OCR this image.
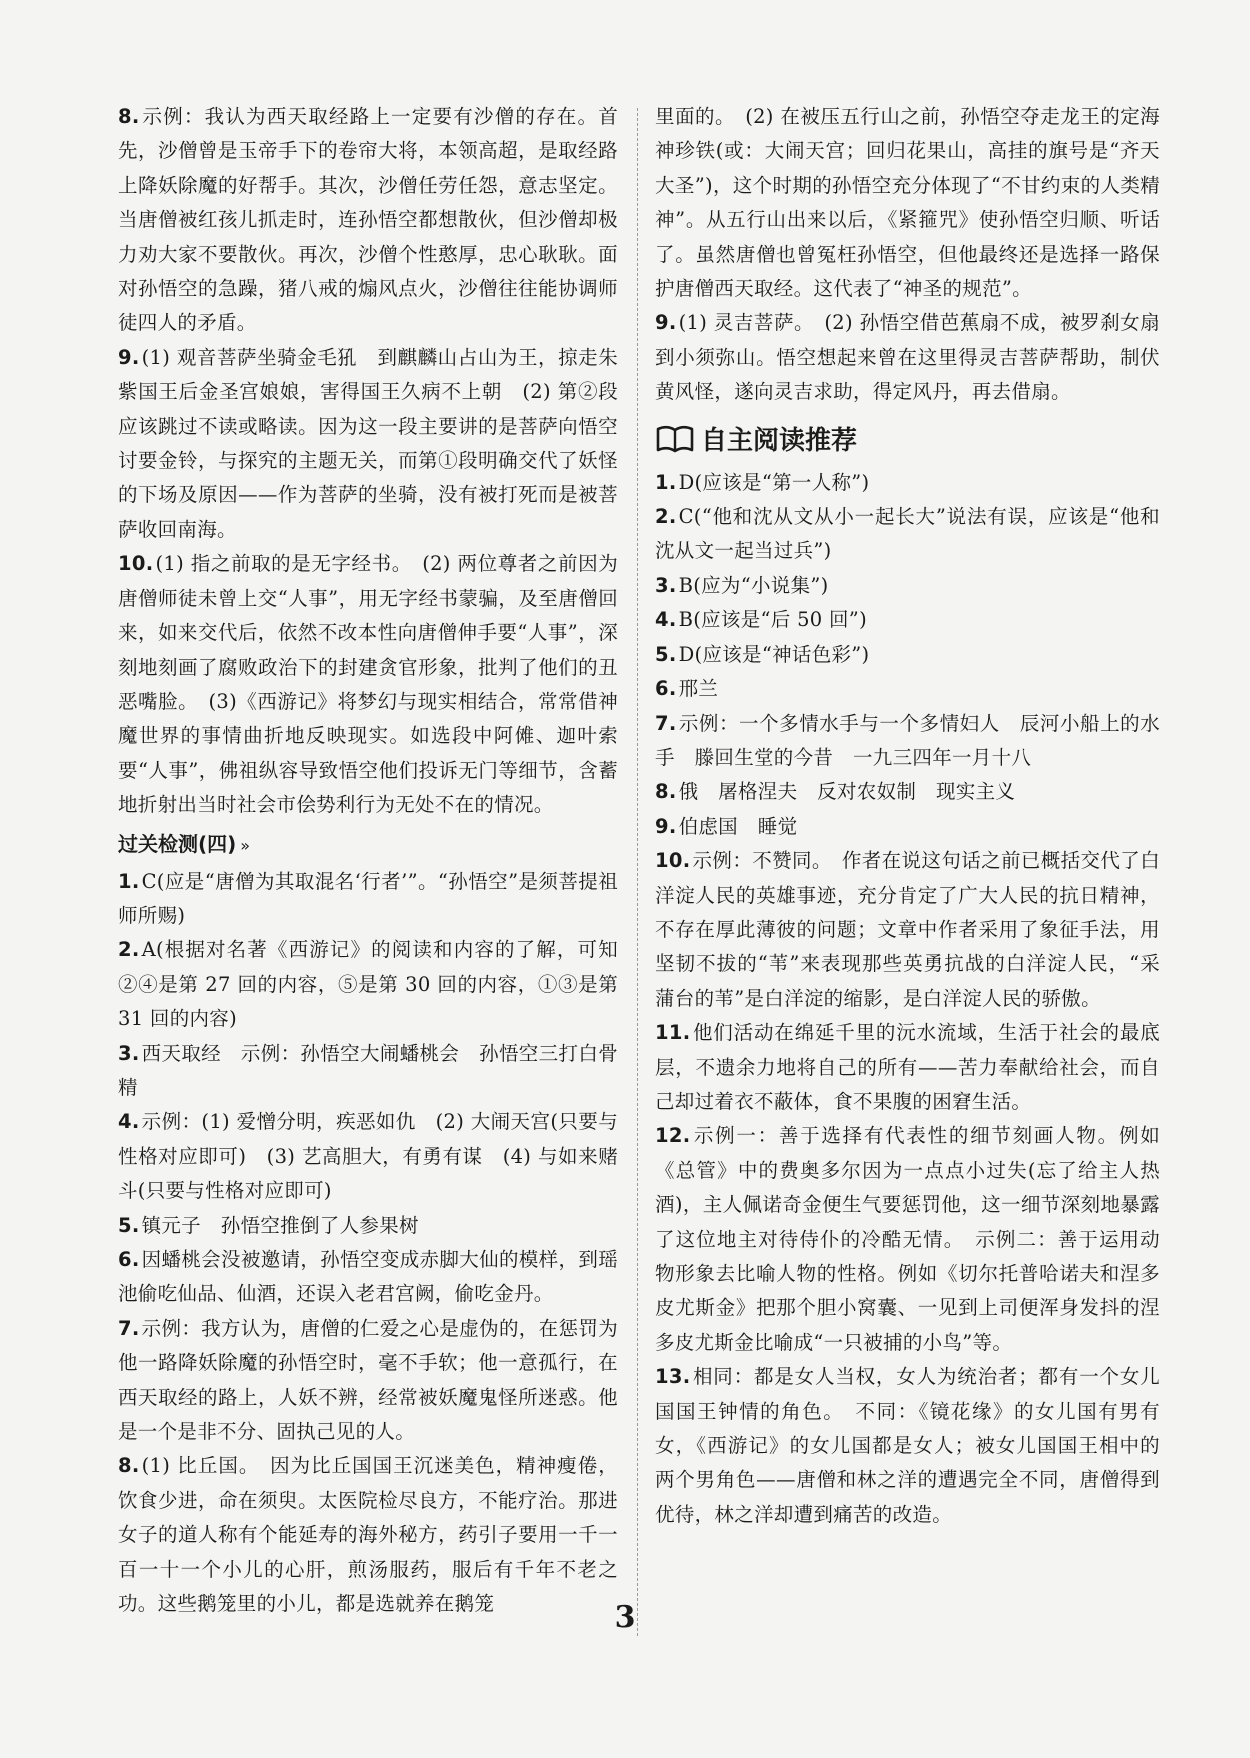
8. 示例：我认为西天取经路上一定要有沙僧的存在。首先，沙僧曾是玉帝手下的卷帘大将，本领高超，是取经路上降妖除魔的好帮手。其次，沙僧任劳任怨，意志坚定。当唐僧被红孩儿抓走时，连孙悟空都想散伙，但沙僧却极力劝大家不要散伙。再次，沙僧个性憨厚，忠心耿耿。面对孙悟空的急躁，猪八戒的煽风点火，沙僧往往能协调师徒四人的矛盾。

9. (1) 观音菩萨坐骑金毛犼　到麒麟山占山为王，掠走朱紫国王后金圣宫娘娘，害得国王久病不上朝　(2) 第②段应该跳过不读或略读。因为这一段主要讲的是菩萨向悟空讨要金铃，与探究的主题无关，而第①段明确交代了妖怪的下场及原因——作为菩萨的坐骑，没有被打死而是被菩萨收回南海。

10. (1) 指之前取的是无字经书。　(2) 两位尊者之前因为唐僧师徒未曾上交“人事”，用无字经书蒙骗，及至唐僧回来，如来交代后，依然不改本性向唐僧伸手要“人事”，深刻地刻画了腐败政治下的封建贪官形象，批判了他们的丑恶嘴脸。　(3)《西游记》将梦幻与现实相结合，常常借神魔世界的事情曲折地反映现实。如选段中阿傩、迦叶索要“人事”，佛祖纵容导致悟空他们投诉无门等细节，含蓄地折射出当时社会市侩势利行为无处不在的情况。

过关检测(四) »

1. C(应是“唐僧为其取混名‘行者’”。“孙悟空”是须菩提祖师所赐)

2. A(根据对名著《西游记》的阅读和内容的了解，可知②④是第 27 回的内容，⑤是第 30 回的内容，①③是第 31 回的内容)

3. 西天取经　示例：孙悟空大闹蟠桃会　孙悟空三打白骨精

4. 示例：(1) 爱憎分明，疾恶如仇　(2) 大闹天宫(只要与性格对应即可)　(3) 艺高胆大，有勇有谋　(4) 与如来赌斗(只要与性格对应即可)

5. 镇元子　孙悟空推倒了人参果树

6. 因蟠桃会没被邀请，孙悟空变成赤脚大仙的模样，到瑶池偷吃仙品、仙酒，还误入老君宫阙，偷吃金丹。

7. 示例：我方认为，唐僧的仁爱之心是虚伪的，在惩罚为他一路降妖除魔的孙悟空时，毫不手软；他一意孤行，在西天取经的路上，人妖不辨，经常被妖魔鬼怪所迷惑。他是一个是非不分、固执己见的人。

8. (1) 比丘国。　因为比丘国国王沉迷美色，精神瘦倦，饮食少进，命在须臾。太医院检尽良方，不能疗治。那进女子的道人称有个能延寿的海外秘方，药引子要用一千一百一十一个小儿的心肝，煎汤服药，服后有千年不老之功。这些鹅笼里的小儿，都是选就养在鹅笼

里面的。　(2) 在被压五行山之前，孙悟空夺走龙王的定海神珍铁(或：大闹天宫；回归花果山，高挂的旗号是“齐天大圣”)，这个时期的孙悟空充分体现了“不甘约束的人类精神”。从五行山出来以后，《紧箍咒》使孙悟空归顺、听话了。虽然唐僧也曾冤枉孙悟空，但他最终还是选择一路保护唐僧西天取经。这代表了“神圣的规范”。

9. (1) 灵吉菩萨。　(2) 孙悟空借芭蕉扇不成，被罗刹女扇到小须弥山。悟空想起来曾在这里得灵吉菩萨帮助，制伏黄风怪，遂向灵吉求助，得定风丹，再去借扇。

自主阅读推荐

1. D(应该是“第一人称”)

2. C(“他和沈从文从小一起长大”说法有误，应该是“他和沈从文一起当过兵”)

3. B(应为“小说集”)

4. B(应该是“后 50 回”)

5. D(应该是“神话色彩”)

6. 邢兰

7. 示例：一个多情水手与一个多情妇人　辰河小船上的水手　滕回生堂的今昔　一九三四年一月十八

8. 俄　屠格涅夫　反对农奴制　现实主义

9. 伯虑国　睡觉

10. 示例：不赞同。　作者在说这句话之前已概括交代了白洋淀人民的英雄事迹，充分肯定了广大人民的抗日精神，不存在厚此薄彼的问题；文章中作者采用了象征手法，用坚韧不拔的“苇”来表现那些英勇抗战的白洋淀人民，“采蒲台的苇”是白洋淀的缩影，是白洋淀人民的骄傲。

11. 他们活动在绵延千里的沅水流域，生活于社会的最底层，不遗余力地将自己的所有——苦力奉献给社会，而自己却过着衣不蔽体，食不果腹的困窘生活。

12. 示例一：善于选择有代表性的细节刻画人物。例如《总管》中的费奥多尔因为一点点小过失(忘了给主人热酒)，主人佩诺奇金便生气要惩罚他，这一细节深刻地暴露了这位地主对待侍仆的冷酷无情。　示例二：善于运用动物形象去比喻人物的性格。例如《切尔托普哈诺夫和涅多皮尤斯金》把那个胆小窝囊、一见到上司便浑身发抖的涅多皮尤斯金比喻成“一只被捕的小鸟”等。

13. 相同：都是女人当权，女人为统治者；都有一个女儿国国王钟情的角色。　不同：《镜花缘》的女儿国有男有女，《西游记》的女儿国都是女人；被女儿国国王相中的两个男角色——唐僧和林之洋的遭遇完全不同，唐僧得到优待，林之洋却遭到痛苦的改造。

3
